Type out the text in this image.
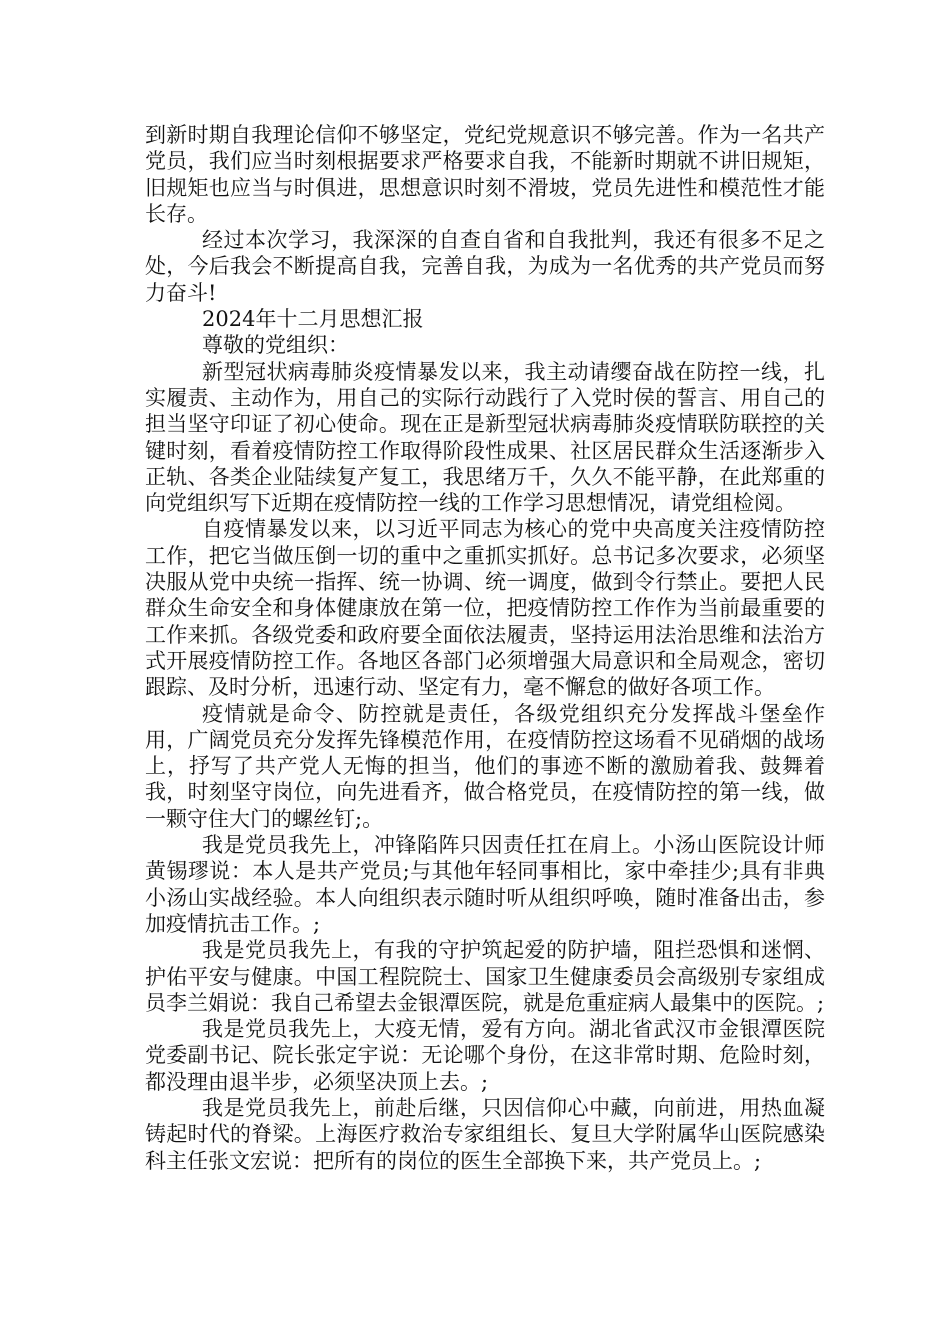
到新时期自我理论信仰不够坚定，党纪党规意识不够完善。作为一名共产党员，我们应当时刻根据要求严格要求自我，不能新时期就不讲旧规矩，旧规矩也应当与时俱进，思想意识时刻不滑坡，党员先进性和模范性才能长存。

经过本次学习，我深深的自查自省和自我批判，我还有很多不足之处，今后我会不断提高自我，完善自我，为成为一名优秀的共产党员而努力奋斗!

2024年十二月思想汇报

尊敬的党组织：

新型冠状病毒肺炎疫情暴发以来，我主动请缨奋战在防控一线，扎实履责、主动作为，用自己的实际行动践行了入党时侯的誓言、用自己的担当坚守印证了初心使命。现在正是新型冠状病毒肺炎疫情联防联控的关键时刻，看着疫情防控工作取得阶段性成果、社区居民群众生活逐渐步入正轨、各类企业陆续复产复工，我思绪万千，久久不能平静，在此郑重的向党组织写下近期在疫情防控一线的工作学习思想情况，请党组检阅。

自疫情暴发以来，以习近平同志为核心的党中央高度关注疫情防控工作，把它当做压倒一切的重中之重抓实抓好。总书记多次要求，必须坚决服从党中央统一指挥、统一协调、统一调度，做到令行禁止。要把人民群众生命安全和身体健康放在第一位，把疫情防控工作作为当前最重要的工作来抓。各级党委和政府要全面依法履责，坚持运用法治思维和法治方式开展疫情防控工作。各地区各部门必须增强大局意识和全局观念，密切跟踪、及时分析，迅速行动、坚定有力，毫不懈怠的做好各项工作。

疫情就是命令、防控就是责任，各级党组织充分发挥战斗堡垒作用，广阔党员充分发挥先锋模范作用，在疫情防控这场看不见硝烟的战场上，抒写了共产党人无悔的担当，他们的事迹不断的激励着我、鼓舞着我，时刻坚守岗位，向先进看齐，做合格党员，在疫情防控的第一线，做一颗守住大门的螺丝钉;。

我是党员我先上，冲锋陷阵只因责任扛在肩上。小汤山医院设计师黄锡璆说：本人是共产党员;与其他年轻同事相比，家中牵挂少;具有非典小汤山实战经验。本人向组织表示随时听从组织呼唤，随时准备出击，参加疫情抗击工作。;

我是党员我先上，有我的守护筑起爱的防护墙，阻拦恐惧和迷惘、护佑平安与健康。中国工程院院士、国家卫生健康委员会高级别专家组成员李兰娟说：我自己希望去金银潭医院，就是危重症病人最集中的医院。;

我是党员我先上，大疫无情，爱有方向。湖北省武汉市金银潭医院党委副书记、院长张定宇说：无论哪个身份，在这非常时期、危险时刻，都没理由退半步，必须坚决顶上去。;

我是党员我先上，前赴后继，只因信仰心中藏，向前进，用热血凝铸起时代的脊梁。上海医疗救治专家组组长、复旦大学附属华山医院感染科主任张文宏说：把所有的岗位的医生全部换下来，共产党员上。;
